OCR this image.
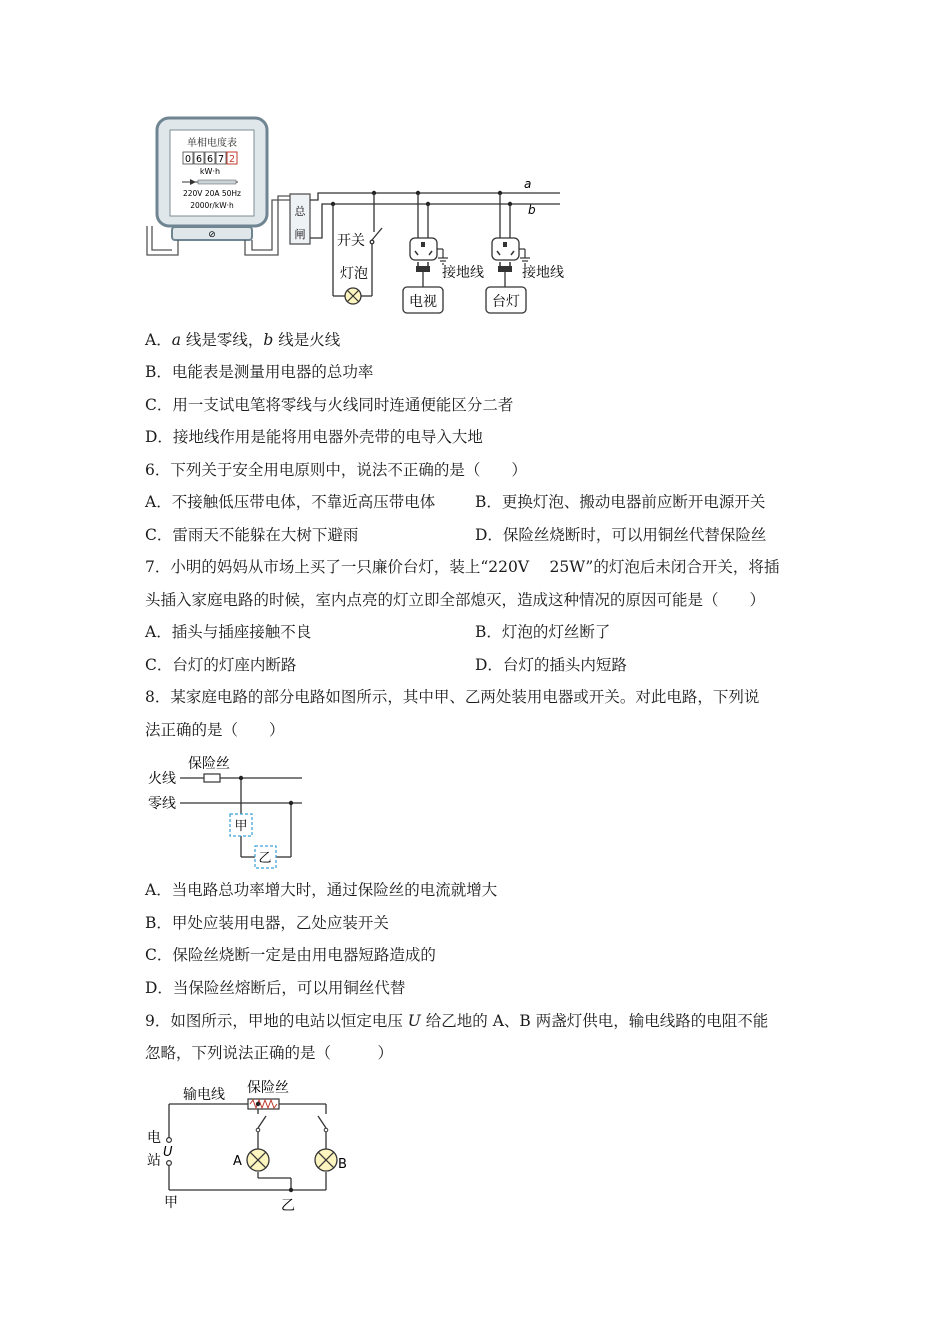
单相电度表
0 6 6 7 2
kW·h
220V 20A 50Hz
2000r/kW·h
⊘
总
闸
a
b
开关
灯泡	接地线
电视
接地线
台灯
A．a 线是零线，b 线是火线
B．电能表是测量用电器的总功率
C．用一支试电笔将零线与火线同时连通便能区分二者
D．接地线作用是能将用电器外壳带的电导入大地
6．下列关于安全用电原则中，说法不正确的是（　　）
A．不接触低压带电体，不靠近高压带电体	B．更换灯泡、搬动电器前应断开电源开关
C．雷雨天不能躲在大树下避雨	D．保险丝烧断时，可以用铜丝代替保险丝
7．小明的妈妈从市场上买了一只廉价台灯，装上“220V　 25W”的灯泡后未闭合开关，将插
头插入家庭电路的时候，室内点亮的灯立即全部熄灭，造成这种情况的原因可能是（　　）
A．插头与插座接触不良	B．灯泡的灯丝断了
C．台灯的灯座内断路	D．台灯的插头内短路
8．某家庭电路的部分电路如图所示，其中甲、乙两处装用电器或开关。对此电路，下列说
法正确的是（　　）
保险丝
火线
零线
甲
乙
A．当电路总功率增大时，通过保险丝的电流就增大
B．甲处应装用电器，乙处应装开关
C．保险丝烧断一定是由用电器短路造成的
D．当保险丝熔断后，可以用铜丝代替
9．如图所示，甲地的电站以恒定电压 U 给乙地的 A、B 两盏灯供电，输电线路的电阻不能
忽略，下列说法正确的是（　　　）
输电线 保险丝
电
站
U
A	B
甲	乙
